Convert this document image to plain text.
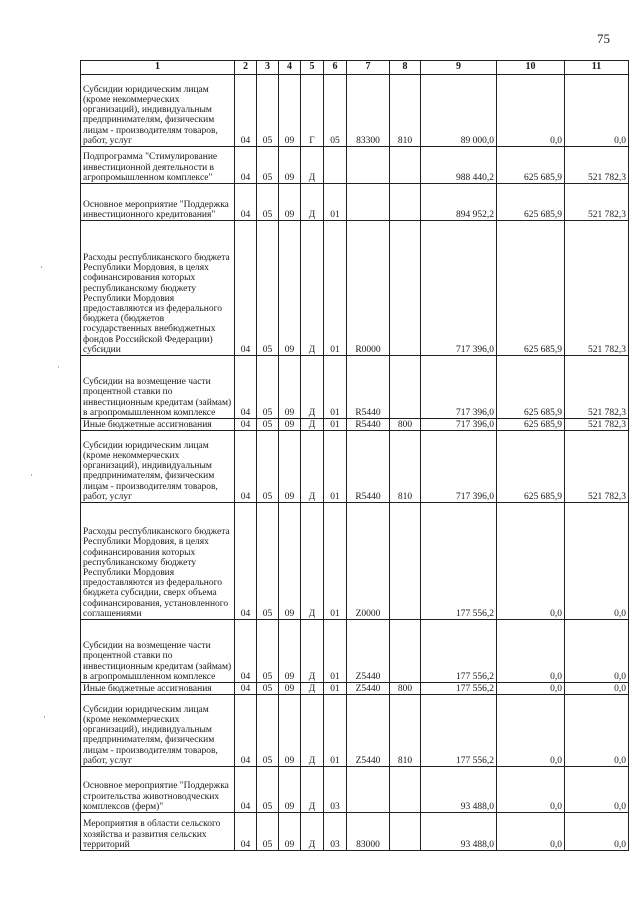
75
·
·
·
·
1	2	3	4	5	6	7	8	9	10	11
Субсидии юридическим лицам (кроме некоммерческих организаций), индивидуальным предпринимателям, физическим лицам - производителям товаров, работ, услуг	04	05	09	Г	05	83300	810	89 000,0	0,0	0,0
Подпрограмма "Стимулирование инвестиционной деятельности в агропромышленном комплексе"	04	05	09	Д				988 440,2	625 685,9	521 782,3
Основное мероприятие "Поддержка инвестиционного кредитования"	04	05	09	Д	01			894 952,2	625 685,9	521 782,3
Расходы республиканского бюджета Республики Мордовия, в целях софинансирования которых республиканскому бюджету Республики Мордовия предоставляются из федерального бюджета (бюджетов государственных внебюджетных фондов Российской Федерации) субсидии	04	05	09	Д	01	R0000		717 396,0	625 685,9	521 782,3
Субсидии на возмещение части процентной ставки по инвестиционным кредитам (займам) в агропромышленном комплексе	04	05	09	Д	01	R5440		717 396,0	625 685,9	521 782,3
Иные бюджетные ассигнования	04	05	09	Д	01	R5440	800	717 396,0	625 685,9	521 782,3
Субсидии юридическим лицам (кроме некоммерческих организаций), индивидуальным предпринимателям, физическим лицам - производителям товаров, работ, услуг	04	05	09	Д	01	R5440	810	717 396,0	625 685,9	521 782,3
Расходы республиканского бюджета Республики Мордовия, в целях софинансирования которых республиканскому бюджету Республики Мордовия предоставляются из федерального бюджета субсидии, сверх объема софинансирования, установленного соглашениями	04	05	09	Д	01	Z0000		177 556,2	0,0	0,0
Субсидии на возмещение части процентной ставки по инвестиционным кредитам (займам) в агропромышленном комплексе	04	05	09	Д	01	Z5440		177 556,2	0,0	0,0
Иные бюджетные ассигнования	04	05	09	Д	01	Z5440	800	177 556,2	0,0	0,0
Субсидии юридическим лицам (кроме некоммерческих организаций), индивидуальным предпринимателям, физическим лицам - производителям товаров, работ, услуг	04	05	09	Д	01	Z5440	810	177 556,2	0,0	0,0
Основное мероприятие "Поддержка строительства животноводческих комплексов (ферм)"	04	05	09	Д	03			93 488,0	0,0	0,0
Мероприятия в области сельского хозяйства и развития сельских территорий	04	05	09	Д	03	83000		93 488,0	0,0	0,0
